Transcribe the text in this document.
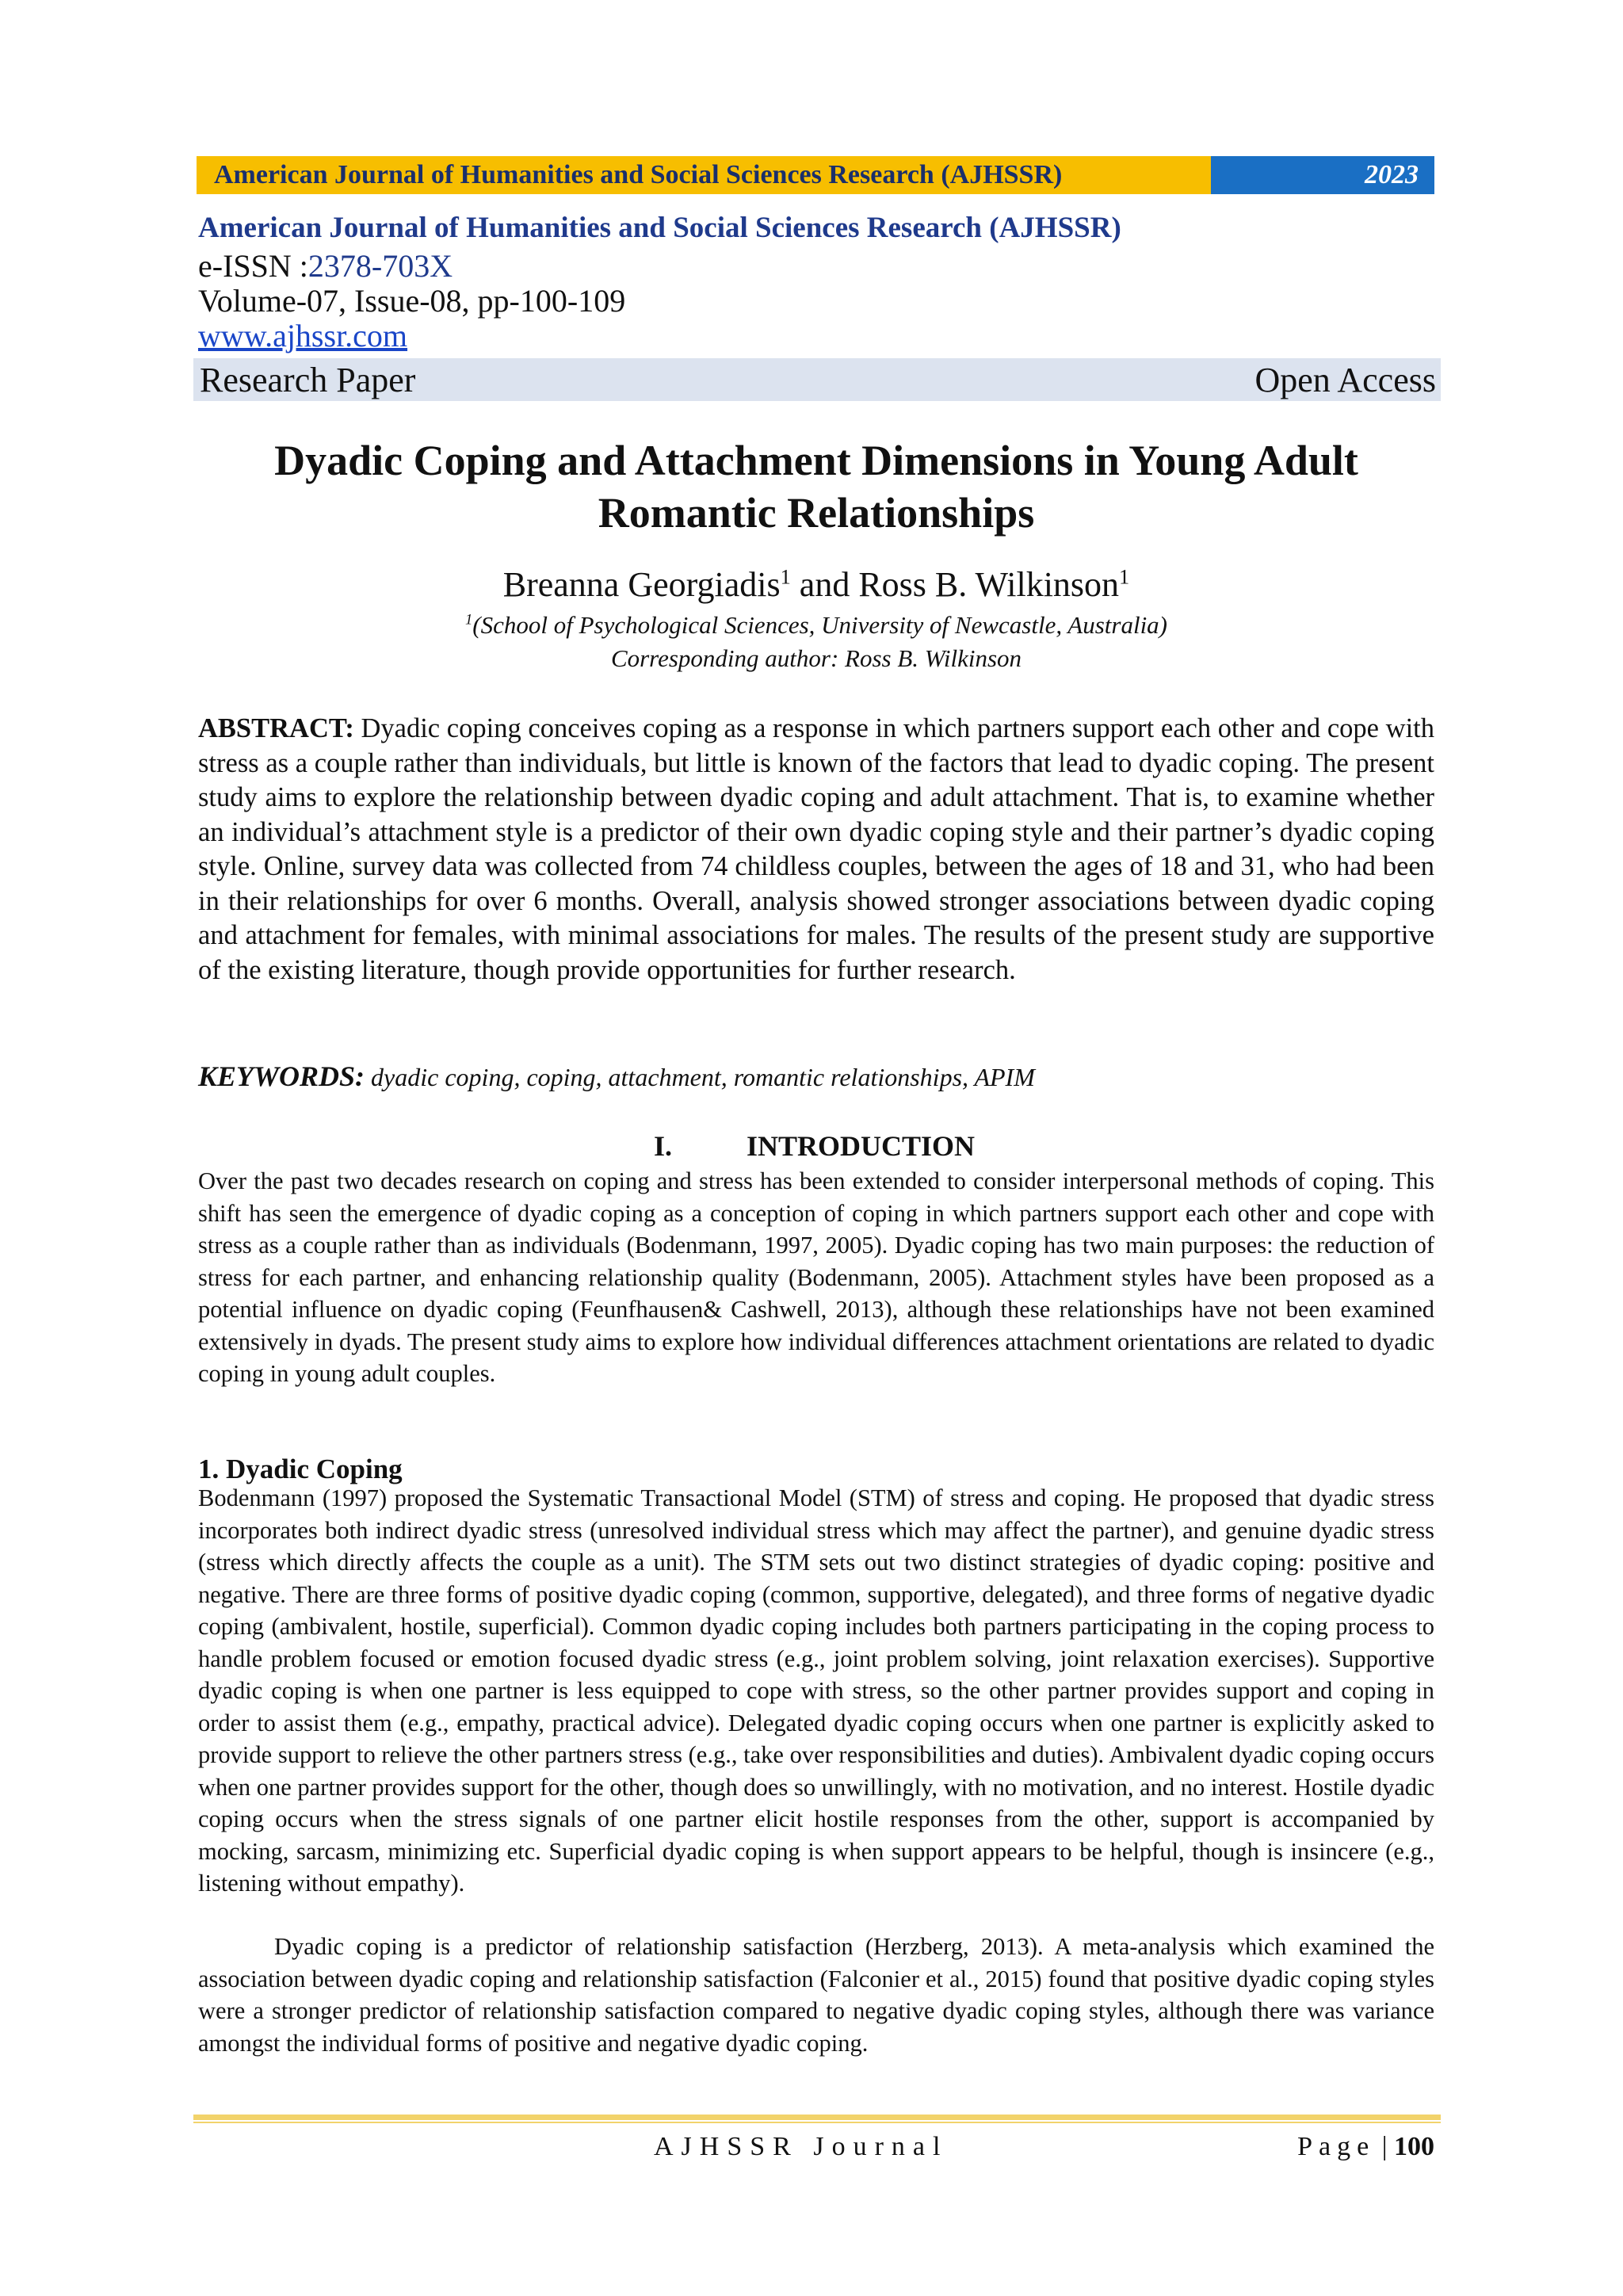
American Journal of Humanities and Social Sciences Research (AJHSSR)	2023
American Journal of Humanities and Social Sciences Research (AJHSSR)
e-ISSN :2378-703X
Volume-07, Issue-08, pp-100-109
www.ajhssr.com
Research Paper	Open Access
Dyadic Coping and Attachment Dimensions in Young Adult
Romantic Relationships
Breanna Georgiadis$^1$ and Ross B. Wilkinson$^1$
$^1$(School of Psychological Sciences, University of Newcastle, Australia)
Corresponding author: Ross B. Wilkinson
ABSTRACT: Dyadic coping conceives coping as a response in which partners support each other and cope with stress as a couple rather than individuals, but little is known of the factors that lead to dyadic coping. The present study aims to explore the relationship between dyadic coping and adult attachment. That is, to examine whether an individual’s attachment style is a predictor of their own dyadic coping style and their partner’s dyadic coping style. Online, survey data was collected from 74 childless couples, between the ages of 18 and 31, who had been in their relationships for over 6 months. Overall, analysis showed stronger associations between dyadic coping and attachment for females, with minimal associations for males. The results of the present study are supportive of the existing literature, though provide opportunities for further research.
KEYWORDS: dyadic coping, coping, attachment, romantic relationships, APIM
I.	INTRODUCTION

Over the past two decades research on coping and stress has been extended to consider interpersonal methods of coping. This shift has seen the emergence of dyadic coping as a conception of coping in which partners support each other and cope with stress as a couple rather than as individuals (Bodenmann, 1997, 2005). Dyadic coping has two main purposes: the reduction of stress for each partner, and enhancing relationship quality (Bodenmann, 2005). Attachment styles have been proposed as a potential influence on dyadic coping (Feunfhausen& Cashwell, 2013), although these relationships have not been examined extensively in dyads. The present study aims to explore how individual differences attachment orientations are related to dyadic coping in young adult couples.

1. Dyadic Coping

Bodenmann (1997) proposed the Systematic Transactional Model (STM) of stress and coping. He proposed that dyadic stress incorporates both indirect dyadic stress (unresolved individual stress which may affect the partner), and genuine dyadic stress (stress which directly affects the couple as a unit). The STM sets out two distinct strategies of dyadic coping: positive and negative. There are three forms of positive dyadic coping (common, supportive, delegated), and three forms of negative dyadic coping (ambivalent, hostile, superficial). Common dyadic coping includes both partners participating in the coping process to handle problem focused or emotion focused dyadic stress (e.g., joint problem solving, joint relaxation exercises). Supportive dyadic coping is when one partner is less equipped to cope with stress, so the other partner provides support and coping in order to assist them (e.g., empathy, practical advice). Delegated dyadic coping occurs when one partner is explicitly asked to provide support to relieve the other partners stress (e.g., take over responsibilities and duties). Ambivalent dyadic coping occurs when one partner provides support for the other, though does so unwillingly, with no motivation, and no interest. Hostile dyadic coping occurs when the stress signals of one partner elicit hostile responses from the other, support is accompanied by mocking, sarcasm, minimizing etc. Superficial dyadic coping is when support appears to be helpful, though is insincere (e.g., listening without empathy).

Dyadic coping is a predictor of relationship satisfaction (Herzberg, 2013). A meta-analysis which examined the association between dyadic coping and relationship satisfaction (Falconier et al., 2015) found that positive dyadic coping styles were a stronger predictor of relationship satisfaction compared to negative dyadic coping styles, although there was variance amongst the individual forms of positive and negative dyadic coping.

AJHSSR Journal	Page | 100
